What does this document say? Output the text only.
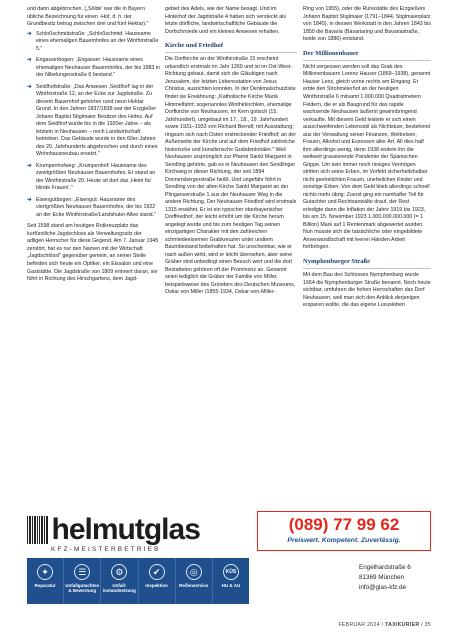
und dann abgebrochen. („Sölde' war die in Bayern übliche Bezeichnung für einen -Hof, d. h. der Grundbesitz betrug zwischen drei und fünf Hektar)."

➔ Schloßschmidstraße: „Schloßschmid: Hausname eines ehemaligen Bauernhofes an der Winthirstraße 5."
➔ Engasserbogen: „Engasser: Hausname eines ehemaligen Neuhauser Bauernhofes, der bis 1983 in der Nibelungenstraße 6 bestand."
➔ Seidlhofstraße: „Das Anwesen ‚Seidlhof' lag in der Winthirstraße 12, an der Ecke zur Jagdstraße. Zu diesem Bauernhof gehörten rund neun Hektar Grund. In den Jahren 1837/1838 war der Erzgießer Johann Baptist Stiglmaier Besitzer des Hofes. Auf dem Seidlhof wurde bis in die 1920er-Jahre – als letztem in Neuhausen – noch Landwirtschaft betrieben. Das Gebäude wurde in den 60er-Jahren des 20. Jahrhunderts abgebrochen und durch einen Wohnhausneubau ersetzt."
➔ Krumpenhofweg: „Krumpenhof: Hausname des zweitgrößten Neuhauser Bauernhofes. Er stand an der Winthirstraße 20. Heute ist dort das ‚Heim für blinde Frauen'."
➔ Eisengutbogen: „Eisengut: Hausname des viertgrößten Neuhauser Bauernhofes, der bis 1922 an der Ecke Winthirstraße/Landshuter Allee stand."

Seit 1598 stand am heutigen Rotkreuzplatz das kurfürstliche Jagdschloss als Verwaltungssitz der adligen Herrscher für diese Gegend. Am 7. Januar 1945 zerstört, hat es nur den Namen mit der Wirtschaft „Jagdschlössl" gegenüber gemein, an seiner Stelle befinden sich heute ein Optiker, ein Eissalon und eine Gaststätte. Die Jagdstraße von 1809 erinnert daran, sie führt in Richtung des Hirschgartens, dem Jagd-

gebiet des Adels, wie der Name besagt. Und im Hinterhof der Jagdstraße 4 haben sich versteckt als letzte dörfliche, landwirtschaftliche Gebäude die Dorfschmiede und ein kleines Anwesen erhalten.

Kirche und Friedhof

Die Dorfkirche an der Winthirstraße 15 erscheint urkundlich erstmals im Jahr 1269 und ist im Ost-West-Richtung gebaut, damit sich die Gläubigen nach Jerusalem, der letzten Lebensstation von Jesus Christus, ausrichten konnten. In der Denkmalschutzliste findet sie Erwähnung: „Katholische Kirche Mariä Himmelfahrt; sogenanntes Winthirkirchlein, ehemalige Dorfkirche von Neuhausen, im Kern gotisch (15. Jahrhundert), umgebaut im 17., 18., 19. Jahrhundert sowie 1931–1933 von Richard Berndl; mit Ausstattung; ringsum sich nach Osten erstreckender Friedhof; an der Außenseite der Kirche und auf dem Friedhof zahlreiche historische und künstlerische Grabdenkmäler." Weil Neuhausen ursprünglich zur Pfarrei Sankt Margaret in Sendling gehörte, gab es in Neuhausen den Sendlinger Kirchweg in dieser Richtung, der seit 1894 Donnersbergerstraße heißt. Und ungefähr führt in Sendling von der alten Kirche Sankt Margaret an der Plinganserstraße 1 aus der Neuhauser Weg in die andere Richtung. Der Neuhauser Friedhof wird erstmals 1315 erwähnt. Er ist ein typischer oberbayerischer Dorffriedhof, der leicht erhöht um die Kirche herum angelegt wurde und bis zum heutigen Tag seinen einzigartigen Charakter mit den zahlreichen schmiedeeisernen Grabkreuzen unter uraltem Baumbestand beibehalten hat. So unscheinbar, wie er nach außen wirkt, wird er leicht übersehen, aber seine Gräber sind unbedingt einen Besuch wert und die dort Bestatteten gehören oft der Prominenz an. Genannt seien lediglich die Gräber der Familie von Miller, beispielsweise des Gründers des Deutschen Museums, Oskar von Miller (1855-1934, Oskar-von-Miller-

Ring von 1955), oder die Ruhestätte des Erzgießers Johann Baptist Stiglmaier (1791–1844, Stiglmaierplatz von 1845), in dessen Werkstatt in den Jahren 1843 bis 1850 die Bavaria (Bavariaring und Bavariastraße, beide von 1886) entstand.

Der Millionenbauer

Nicht vergessen werden soll das Grab des Millionenbauern Lorenz Hauser (1869–1938), genannt Hauser Lenz, gleich vorne rechts am Eingang. Er erbte den Strohmeierhof an der heutigen Winthirstraße 6 mitsamt 1.000.000 Quadratmetern Feldern, die er als Baugrund für das rapide wachsende Neuhausen äußerst gewinnbringend verkaufte. Mit diesem Geld leistete er sich einen ausschweifenden Lebensstil als Nichtstuer, bestehend aus der Verwaltung seiner Finanzen, Weltreisen, Frauen, Alkohol und Exzessen aller Art. All dies half ihm allerdings wenig, denn 1938 endete ihn die weltweit grassierende Pandemie der Spanischen Grippe. Um sein immer noch riesiges Vermögen stritten sich seine Erben, im Vorfeld sicherheitshalber nicht geehelichten Frauen, unehelichen Kinder und sonstige Erben. Von dem Geld blieb allerdings schnell nichts mehr übrig: Zuerst ging ein namhafter Teil für Gutachter und Rechtsanwälte drauf, der Rest erledigte dann die Inflation der Jahre 1919 bis 1923, bis am 15. November 1923 1.000.000.000.000 (= 1 Billion) Mark auf 1 Rentenmark abgewertet wurden. Nun musste sich die tatsächliche oder eingebildete Anverwandtschaft mit leeren Händen Arbeit fortbringen.

Nymphenburger Straße

Mit dem Bau des Schlosses Nymphenburg wurde 1664 die Nymphenburger Straße benannt. Noch heute sichtbar, umfuhren die hohen Herrschaften das Dorf Neuhausen, weil man sich den Anblick derjenigen ersparen wollte, die das eigene Luxusleben

helmutglas
KFZ-MEISTERBETRIEB
(089) 77 99 62
Preiswert. Kompetent. Zuverlässig.
✦
Reparatur
☰
Unfallgutachten & Bewertung
⚙
Unfall-instandsetzung
✔
Inspektion
◎
Reifenservice
KÜS
HU & AU
Engelhardstraße 6
81369 München
info@glas-kfz.de
FEBRUAR 2024 / TAXIKURIER / 35
